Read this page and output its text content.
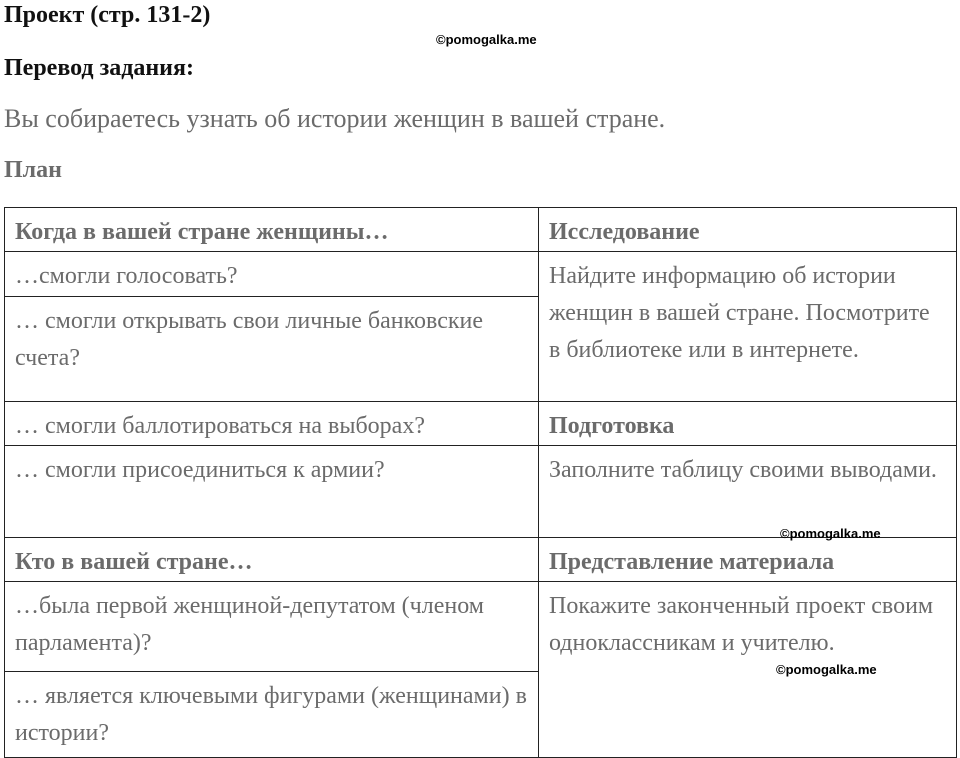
Проект (стр. 131-2)
©pomogalka.me
Перевод задания:
Вы собираетесь узнать об истории женщин в вашей стране.
План
Когда в вашей стране женщины…	Исследование
…смогли голосовать?	Найдите информацию об истории женщин в вашей стране. Посмотрите в библиотеке или в интернете.
… смогли открывать свои личные банковские счета?	
… смогли баллотироваться на выборах?	Подготовка
… смогли присоединиться к армии?	Заполните таблицу своими выводами.
Кто в вашей стране…	Представление материала
…была первой женщиной-депутатом (членом парламента)?	Покажите законченный проект своим одноклассникам и учителю.
… является ключевыми фигурами (женщинами) в истории?	
©pomogalka.me
©pomogalka.me
